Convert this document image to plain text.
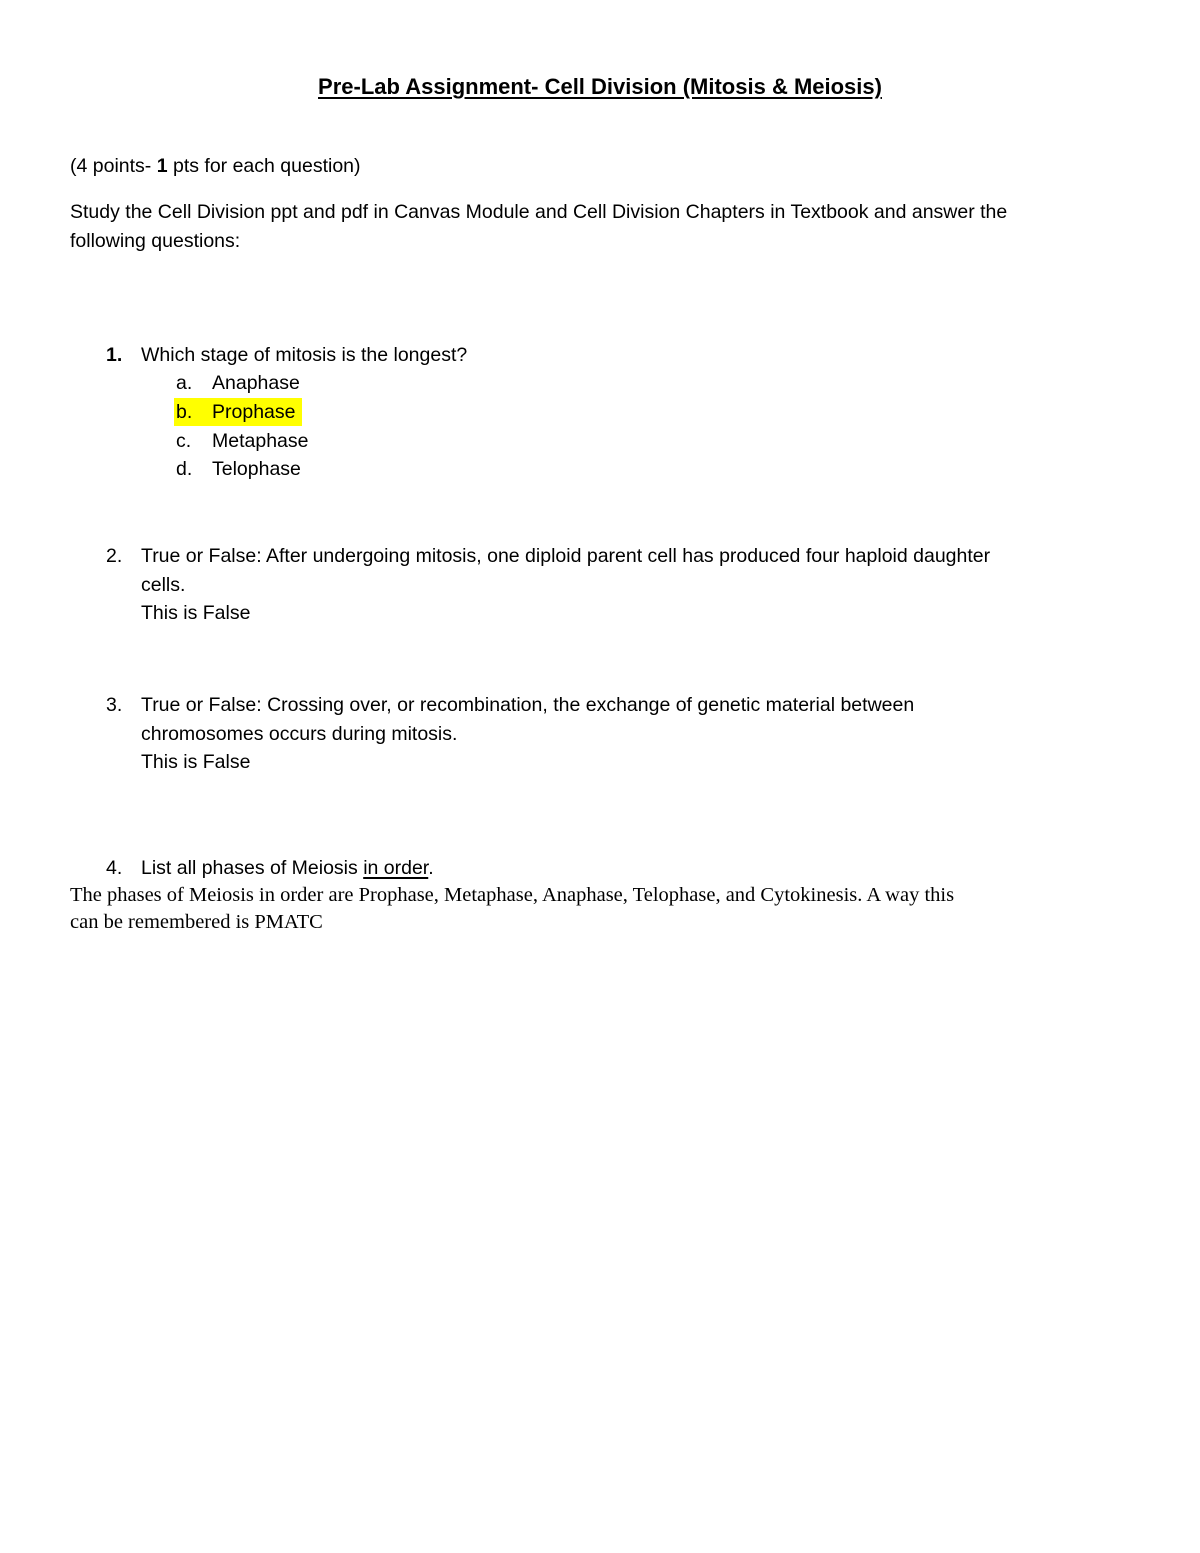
Pre-Lab Assignment- Cell Division (Mitosis & Meiosis)
(4 points- 1 pts for each question)
Study the Cell Division ppt and pdf in Canvas Module and Cell Division Chapters in Textbook and answer the
following questions:
1. Which stage of mitosis is the longest?
a. Anaphase
b. Prophase
c. Metaphase
d. Telophase
2. True or False: After undergoing mitosis, one diploid parent cell has produced four haploid daughter
cells.
This is False
3. True or False: Crossing over, or recombination, the exchange of genetic material between
chromosomes occurs during mitosis.
This is False
4. List all phases of Meiosis in order.
The phases of Meiosis in order are Prophase, Metaphase, Anaphase, Telophase, and Cytokinesis. A way this
can be remembered is PMATC
